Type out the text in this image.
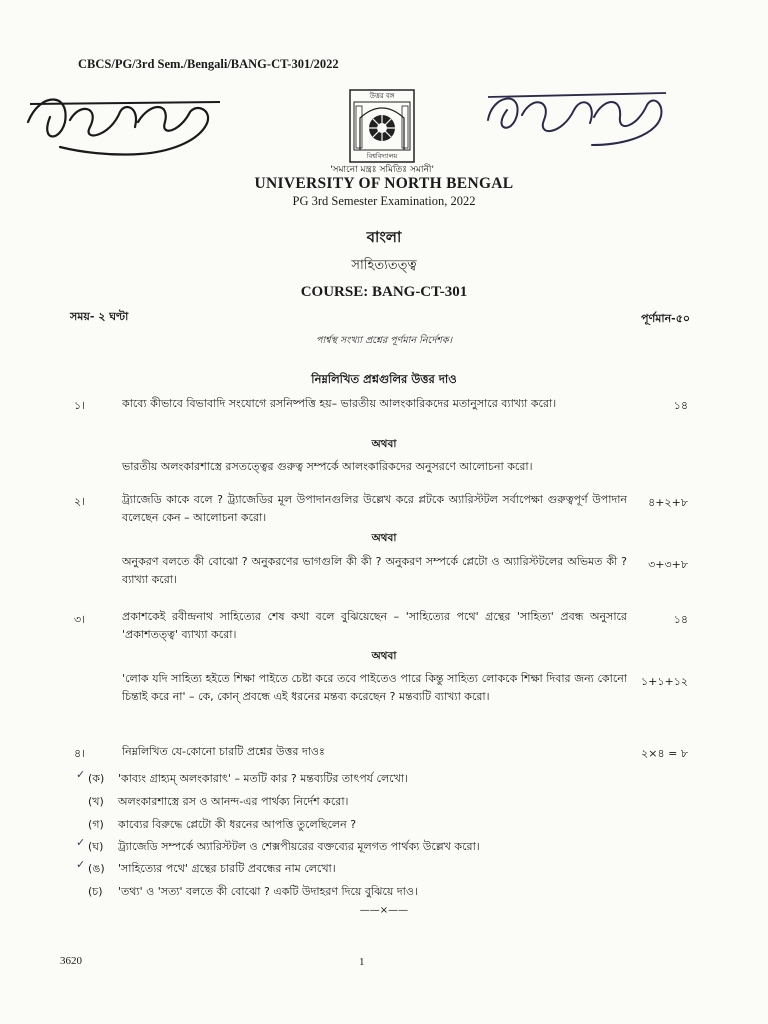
CBCS/PG/3rd Sem./Bengali/BANG-CT-301/2022
উত্তর বঙ্গ
বিশ্ববিদ্যালয়
'সমানো মন্ত্রঃ সমিতিঃ সমানী'
UNIVERSITY OF NORTH BENGAL
PG 3rd Semester Examination, 2022
বাংলা
সাহিত্যতত্ত্ব
COURSE: BANG-CT-301
সময়- ২ ঘণ্টা	পূর্ণমান-৫০
পার্শ্বস্থ সংখ্যা প্রশ্নের পূর্ণমান নির্দেশক।
নিম্নলিখিত প্রশ্নগুলির উত্তর দাও
১।	কাব্যে কীভাবে বিভাবাদি সংযোগে রসনিষ্পত্তি হয়– ভারতীয় আলংকারিকদের মতানুসারে ব্যাখ্যা করো।	১৪
অথবা
ভারতীয় অলংকারশাস্ত্রে রসতত্ত্বের গুরুত্ব সম্পর্কে আলংকারিকদের অনুসরণে আলোচনা করো।
২।	ট্র্যাজেডি কাকে বলে ? ট্র্যাজেডির মূল উপাদানগুলির উল্লেখ করে প্লটকে অ্যারিস্টটল সর্বাপেক্ষা গুরুত্বপূর্ণ উপাদান বলেছেন কেন – আলোচনা করো।
৪+২+৮
অথবা
অনুকরণ বলতে কী বোঝো ? অনুকরণের ভাগগুলি কী কী ? অনুকরণ সম্পর্কে প্লেটো ও অ্যারিস্টটলের অভিমত কী ? ব্যাখ্যা করো।
৩+৩+৮
৩।	প্রকাশকেই রবীন্দ্রনাথ সাহিত্যের শেষ কথা বলে বুঝিয়েছেন – 'সাহিত্যের পথে' গ্রন্থের 'সাহিত্য' প্রবন্ধ অনুসারে 'প্রকাশতত্ত্ব' ব্যাখ্যা করো।
১৪
অথবা
'লোক যদি সাহিত্য হইতে শিক্ষা পাইতে চেষ্টা করে তবে পাইতেও পারে কিন্তু সাহিত্য লোককে শিক্ষা দিবার জন্য কোনো চিন্তাই করে না' – কে, কোন্ প্রবন্ধে এই ধরনের মন্তব্য করেছেন ? মন্তব্যটি ব্যাখ্যা করো।
১+১+১২
৪।	নিম্নলিখিত যে-কোনো চারটি প্রশ্নের উত্তর দাওঃ	২×৪ = ৮
(ক) 'কাব্যং গ্রাহ্যম্ অলংকারাৎ' – মতটি কার ? মন্তব্যটির তাৎপর্য লেখো।
(খ) অলংকারশাস্ত্রে রস ও আনন্দ-এর পার্থক্য নির্দেশ করো।
(গ) কাব্যের বিরুদ্ধে প্লেটো কী ধরনের আপত্তি তুলেছিলেন ?
(ঘ) ট্র্যাজেডি সম্পর্কে অ্যারিস্টটল ও শেক্সপীয়রের বক্তব্যের মূলগত পার্থক্য উল্লেখ করো।
(ঙ) 'সাহিত্যের পথে' গ্রন্থের চারটি প্রবন্ধের নাম লেখো।
(চ) 'তথ্য' ও 'সত্য' বলতে কী বোঝো ? একটি উদাহরণ দিয়ে বুঝিয়ে দাও।
✓
✓
✓
——×——
3620	1
